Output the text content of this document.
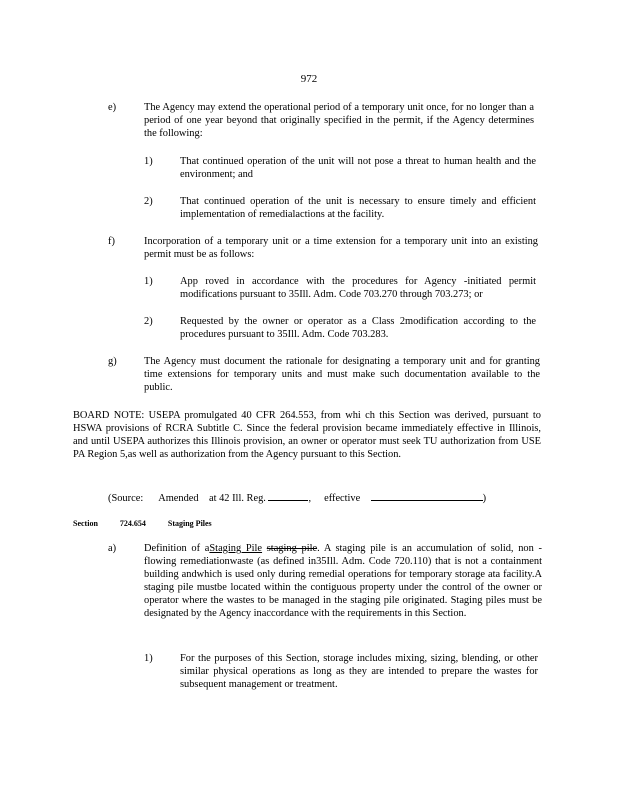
972
e)	The Agency may extend the operational period of a temporary unit once, for no longer than a period of one year beyond that originally specified in the permit, if the Agency determines the following:
1)	That continued operation of the unit will not pose a threat to human health and the environment; and
2)	That continued operation of the unit is necessary to ensure timely and efficient implementation of remedialactions at the facility.
f)	Incorporation of a temporary unit or a time extension for a temporary unit into an existing permit must be as follows:
1)	App roved in accordance with the procedures for Agency -initiated permit modifications pursuant to 35Ill. Adm. Code 703.270 through 703.273; or
2)	Requested by the owner or operator as a Class 2modification according to the procedures pursuant to 35Ill. Adm. Code 703.283.
g)	The Agency must document the rationale for designating a temporary unit and for granting time extensions for temporary units and must make such documentation available to the public.
BOARD NOTE: USEPA promulgated 40 CFR 264.553, from whi ch this Section was derived, pursuant to HSWA provisions of RCRA Subtitle C. Since the federal provision became immediately effective in Illinois, and until USEPA authorizes this Illinois provision, an owner or operator must seek TU authorization from USE PA Region 5,as well as authorization from the Agency pursuant to this Section.
(Source: Amended at 42 Ill. Reg.	, effective	)
Section	724.654	Staging Piles
a)	Definition of aStaging Pile staging pile. A staging pile is an accumulation of solid, non -flowing remediationwaste (as defined in35Ill. Adm. Code 720.110) that is not a containment building andwhich is used only during remedial operations for temporary storage ata facility.A staging pile mustbe located within the contiguous property under the control of the owner or operator where the wastes to be managed in the staging pile originated. Staging piles must be designated by the Agency inaccordance with the requirements in this Section.
1)	For the purposes of this Section, storage includes mixing, sizing, blending, or other similar physical operations as long as they are intended to prepare the wastes for subsequent management or treatment.
